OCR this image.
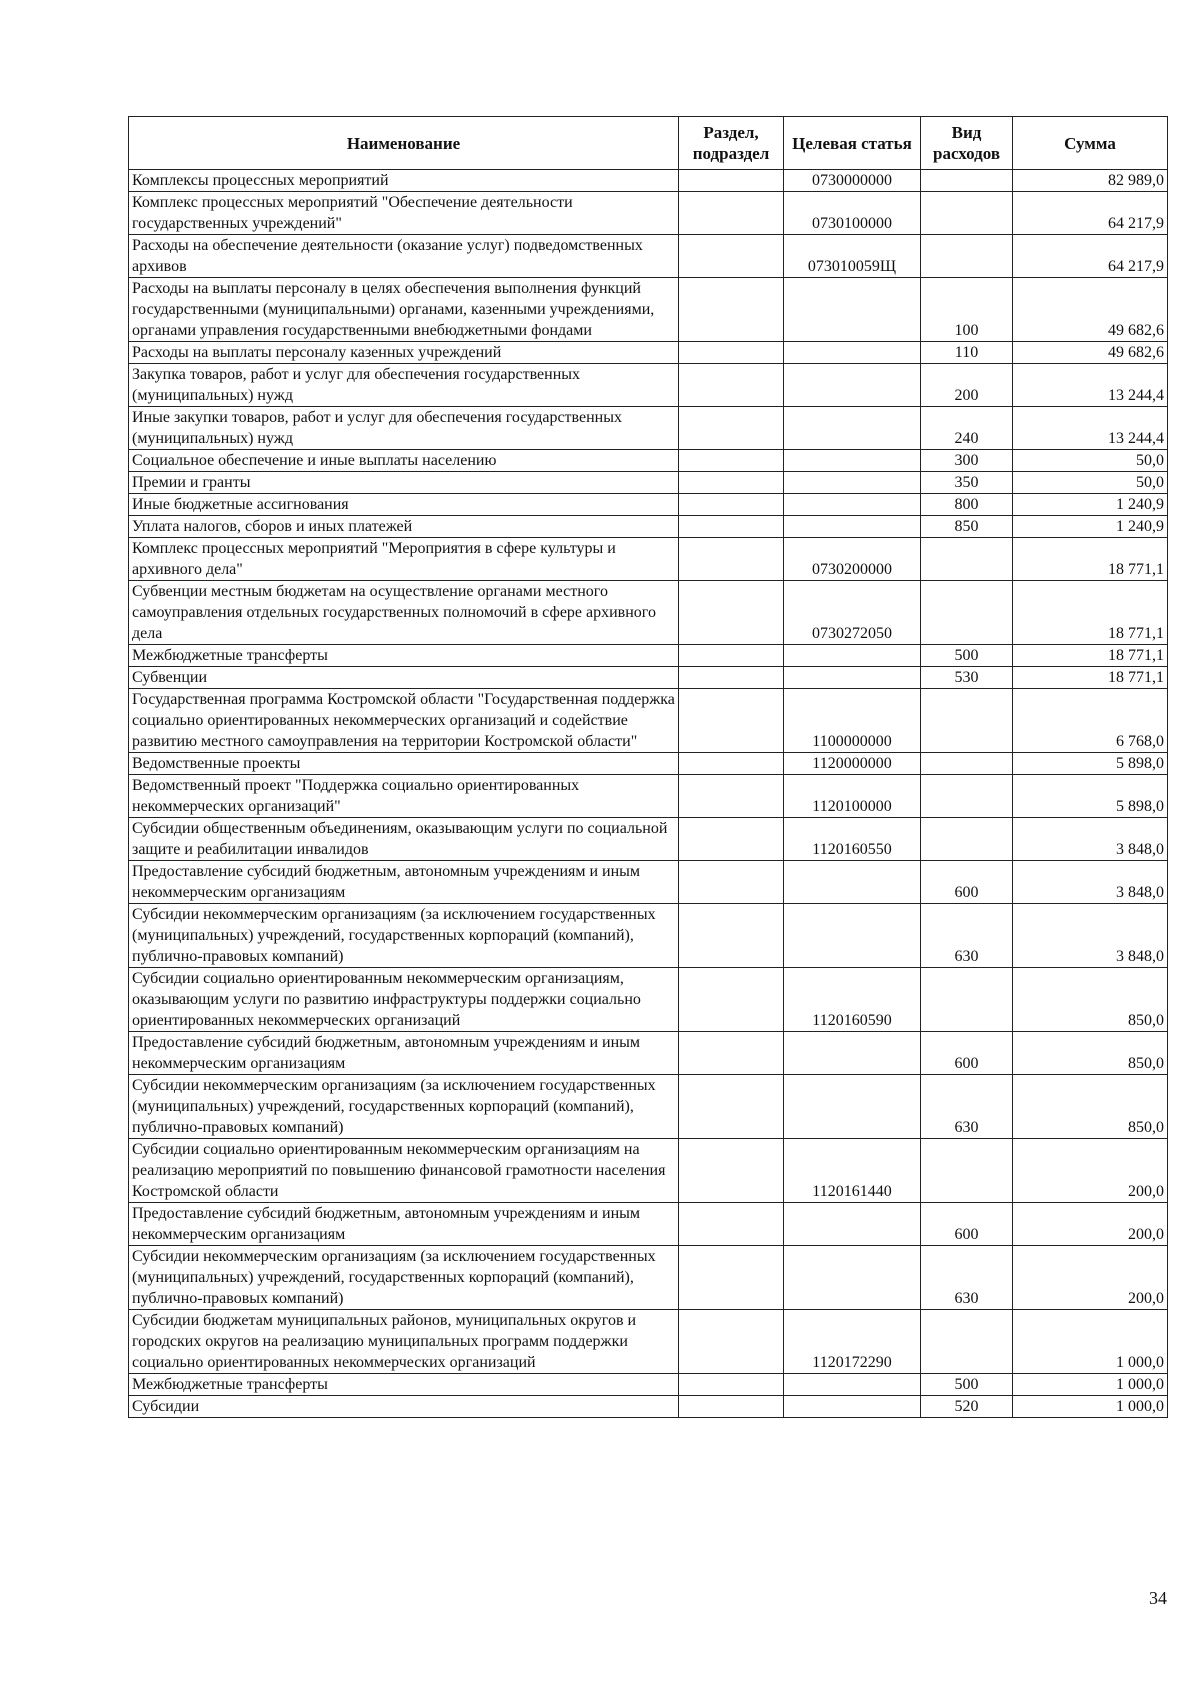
Наименование	Раздел, подраздел	Целевая статья	Вид расходов	Сумма
Комплексы процессных мероприятий		0730000000		82 989,0
Комплекс процессных мероприятий "Обеспечение деятельности государственных учреждений"		0730100000		64 217,9
Расходы на обеспечение деятельности (оказание услуг) подведомственных архивов		073010059Щ		64 217,9
Расходы на выплаты персоналу в целях обеспечения выполнения функций государственными (муниципальными) органами, казенными учреждениями, органами управления государственными внебюджетными фондами			100	49 682,6
Расходы на выплаты персоналу казенных учреждений			110	49 682,6
Закупка товаров, работ и услуг для обеспечения государственных (муниципальных) нужд			200	13 244,4
Иные закупки товаров, работ и услуг для обеспечения государственных (муниципальных) нужд			240	13 244,4
Социальное обеспечение и иные выплаты населению			300	50,0
Премии и гранты			350	50,0
Иные бюджетные ассигнования			800	1 240,9
Уплата налогов, сборов и иных платежей			850	1 240,9
Комплекс процессных мероприятий "Мероприятия в сфере культуры и архивного дела"		0730200000		18 771,1
Субвенции местным бюджетам на осуществление органами местного самоуправления отдельных государственных полномочий в сфере архивного дела		0730272050		18 771,1
Межбюджетные трансферты			500	18 771,1
Субвенции			530	18 771,1
Государственная программа Костромской области "Государственная поддержка социально ориентированных некоммерческих организаций и содействие развитию местного самоуправления на территории Костромской области"		1100000000		6 768,0
Ведомственные проекты		1120000000		5 898,0
Ведомственный проект "Поддержка социально ориентированных некоммерческих организаций"		1120100000		5 898,0
Субсидии общественным объединениям, оказывающим услуги по социальной защите и реабилитации инвалидов		1120160550		3 848,0
Предоставление субсидий бюджетным, автономным учреждениям и иным некоммерческим организациям			600	3 848,0
Субсидии некоммерческим организациям (за исключением государственных (муниципальных) учреждений, государственных корпораций (компаний), публично-правовых компаний)			630	3 848,0
Субсидии социально ориентированным некоммерческим организациям, оказывающим услуги по развитию инфраструктуры поддержки социально ориентированных некоммерческих организаций		1120160590		850,0
Предоставление субсидий бюджетным, автономным учреждениям и иным некоммерческим организациям			600	850,0
Субсидии некоммерческим организациям (за исключением государственных (муниципальных) учреждений, государственных корпораций (компаний), публично-правовых компаний)			630	850,0
Субсидии социально ориентированным некоммерческим организациям на реализацию мероприятий по повышению финансовой грамотности населения Костромской области		1120161440		200,0
Предоставление субсидий бюджетным, автономным учреждениям и иным некоммерческим организациям			600	200,0
Субсидии некоммерческим организациям (за исключением государственных (муниципальных) учреждений, государственных корпораций (компаний), публично-правовых компаний)			630	200,0
Субсидии бюджетам муниципальных районов, муниципальных округов и городских округов на реализацию муниципальных программ поддержки социально ориентированных некоммерческих организаций		1120172290		1 000,0
Межбюджетные трансферты			500	1 000,0
Субсидии			520	1 000,0
34
